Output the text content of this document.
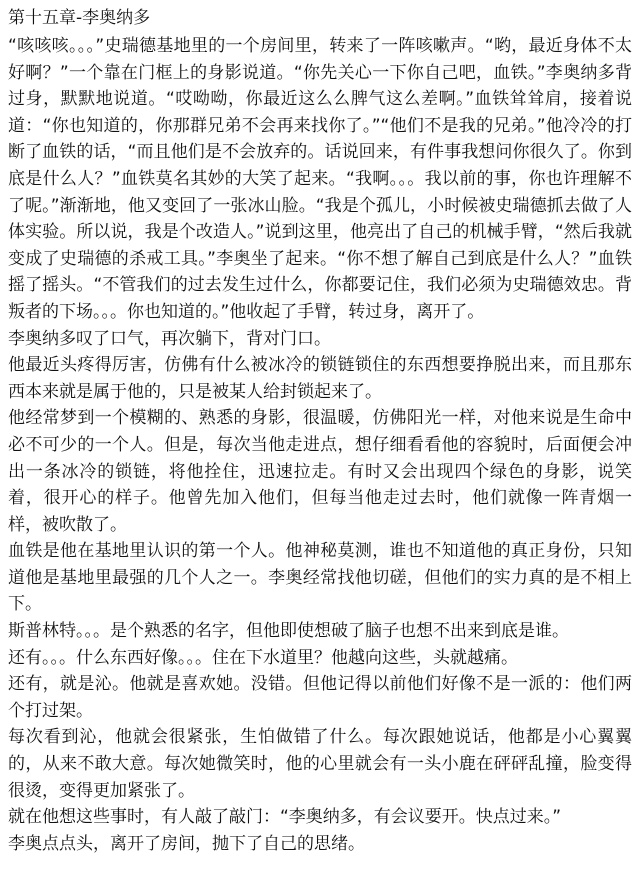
第十五章-李奥纳多

“咳咳咳。。。”史瑞德基地里的一个房间里，转来了一阵咳嗽声。“哟，最近身体不太好啊？”一个靠在门框上的身影说道。“你先关心一下你自己吧，血铁。”李奥纳多背过身，默默地说道。“哎呦呦，你最近这么么脾气这么差啊。”血铁耸耸肩，接着说道：“你也知道的，你那群兄弟不会再来找你了。”“他们不是我的兄弟。”他冷冷的打断了血铁的话，“而且他们是不会放弃的。话说回来，有件事我想问你很久了。你到底是什么人？”血铁莫名其妙的大笑了起来。“我啊。。。我以前的事，你也许理解不了呢。”渐渐地，他又变回了一张冰山脸。“我是个孤儿，小时候被史瑞德抓去做了人体实验。所以说，我是个改造人。”说到这里，他亮出了自己的机械手臂，“然后我就变成了史瑞德的杀戒工具。”李奥坐了起来。“你不想了解自己到底是什么人？”血铁摇了摇头。“不管我们的过去发生过什么，你都要记住，我们必须为史瑞德效忠。背叛者的下场。。。你也知道的。”他收起了手臂，转过身，离开了。

李奥纳多叹了口气，再次躺下，背对门口。

他最近头疼得厉害，仿佛有什么被冰冷的锁链锁住的东西想要挣脱出来，而且那东西本来就是属于他的，只是被某人给封锁起来了。

他经常梦到一个模糊的、熟悉的身影，很温暖，仿佛阳光一样，对他来说是生命中必不可少的一个人。但是，每次当他走进点，想仔细看看他的容貌时，后面便会冲出一条冰冷的锁链，将他拴住，迅速拉走。有时又会出现四个绿色的身影，说笑着，很开心的样子。他曾先加入他们，但每当他走过去时，他们就像一阵青烟一样，被吹散了。

血铁是他在基地里认识的第一个人。他神秘莫测，谁也不知道他的真正身份，只知道他是基地里最强的几个人之一。李奥经常找他切磋，但他们的实力真的是不相上下。

斯普林特。。。是个熟悉的名字，但他即使想破了脑子也想不出来到底是谁。

还有。。。什么东西好像。。。住在下水道里？他越向这些，头就越痛。

还有，就是沁。他就是喜欢她。没错。但他记得以前他们好像不是一派的：他们两个打过架。

每次看到沁，他就会很紧张，生怕做错了什么。每次跟她说话，他都是小心翼翼的，从来不敢大意。每次她微笑时，他的心里就会有一头小鹿在砰砰乱撞，脸变得很烫，变得更加紧张了。

就在他想这些事时，有人敲了敲门：“李奥纳多，有会议要开。快点过来。”

李奥点点头，离开了房间，抛下了自己的思绪。
